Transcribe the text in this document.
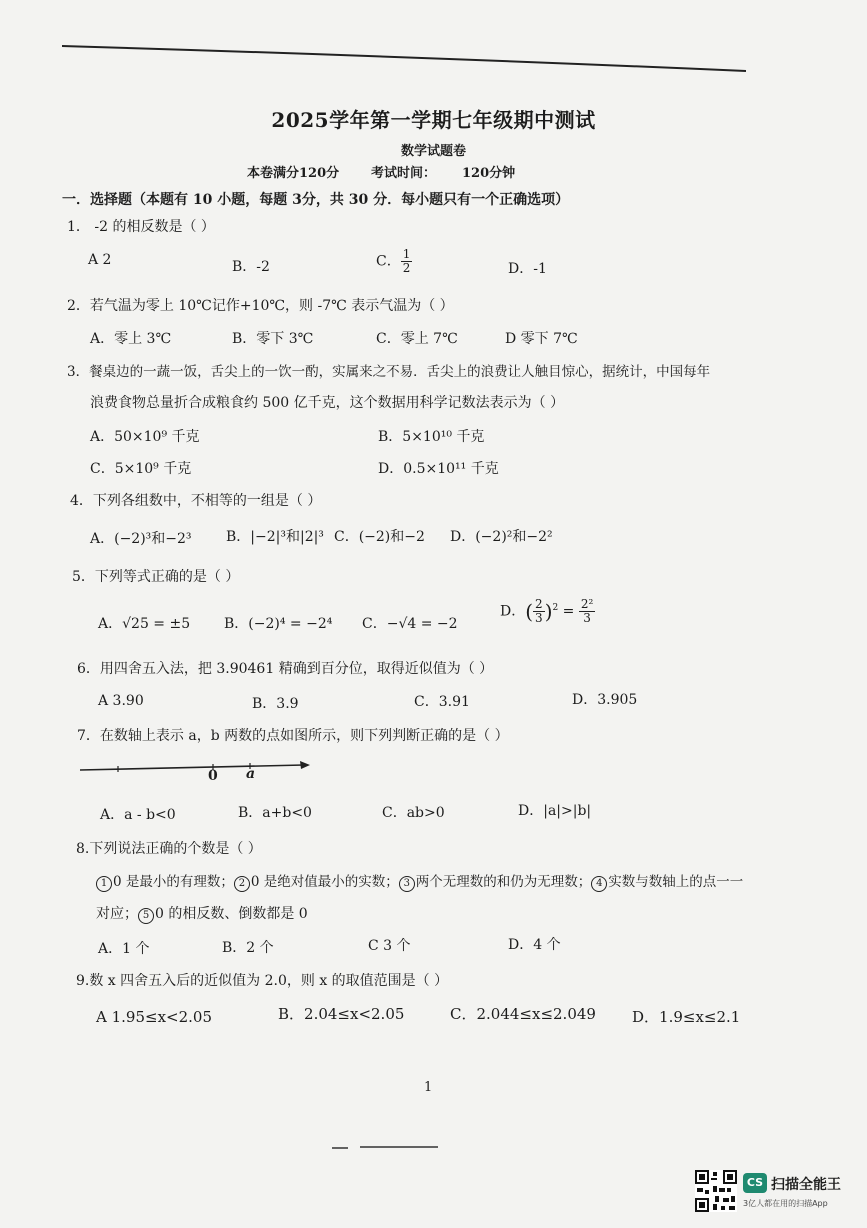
2025学年第一学期七年级期中测试
数学试题卷
本卷满分120分 考试时间： 120分钟
一．选择题（本题有 10 小题，每题 3分，共 30 分．每小题只有一个正确选项）
1． -2 的相反数是（ ）
A 2	B．-2	C． $\frac{1}{2}$	D．-1
2．若气温为零上 10℃记作+10℃，则 -7℃ 表示气温为（ ）
A．零上 3℃	B．零下 3℃	C．零上 7℃	D 零下 7℃
3．餐桌边的一蔬一饭，舌尖上的一饮一酌，实属来之不易．舌尖上的浪费让人触目惊心，据统计，中国每年
浪费食物总量折合成粮食约 500 亿千克，这个数据用科学记数法表示为（ ）
A．50×10⁹ 千克	B．5×10¹⁰ 千克
C．5×10⁹ 千克	D．0.5×10¹¹ 千克
4．下列各组数中，不相等的一组是（ ）
A．(−2)³和−2³ B．|−2|³和|2|³ C．(−2)和−2 D．(−2)²和−2²
5．下列等式正确的是（ ）
A．√25 = ±5 B．(−2)⁴ = −2⁴ C．−√4 = −2
D．( $\frac{2}{3} )^2 = \frac{\text{2²}}{3}$
6．用四舍五入法，把 3.90461 精确到百分位，取得近似值为（ ）
A 3.90	B．3.9	C．3.91	D．3.905
7．在数轴上表示 a，b 两数的点如图所示，则下列判断正确的是（ ）
0 a
A．a - b<0	B．a+b<0	C．ab>0	D．|a|>|b|
8.下列说法正确的个数是（ ）
1 0 是最小的有理数； 2 0 是绝对值最小的实数； 3 两个无理数的和仍为无理数； 4 实数与数轴上的点一一
对应； 5 0 的相反数、倒数都是 0
A．1 个	B．2 个	C 3 个	D．4 个
9.数 x 四舍五入后的近似值为 2.0，则 x 的取值范围是（ ）
A 1.95≤x<2.05	B．2.04≤x<2.05	C．2.044≤x≤2.049 D．1.9≤x≤2.1
1
CS 扫描全能王
3亿人都在用的扫描App
